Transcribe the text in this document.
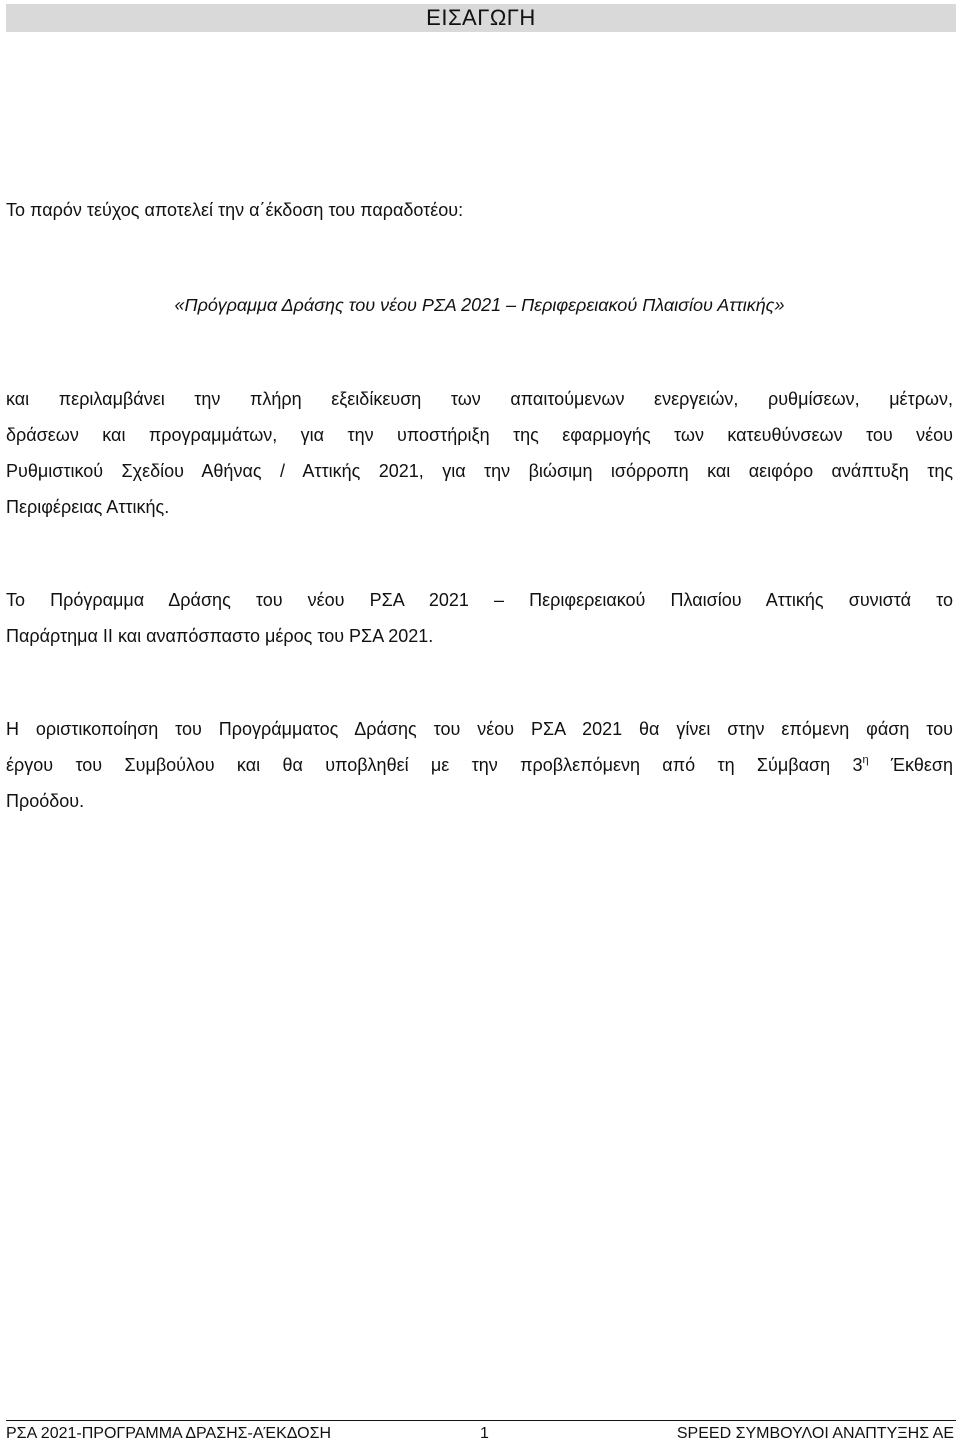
ΕΙΣΑΓΩΓΗ
Το παρόν τεύχος αποτελεί την α΄έκδοση του παραδοτέου:
«Πρόγραμμα Δράσης του νέου ΡΣΑ 2021 – Περιφερειακού Πλαισίου Αττικής»
και περιλαμβάνει την πλήρη εξειδίκευση των απαιτούμενων ενεργειών, ρυθμίσεων, μέτρων,
δράσεων και προγραμμάτων, για την υποστήριξη της εφαρμογής των κατευθύνσεων του νέου
Ρυθμιστικού Σχεδίου Αθήνας / Αττικής 2021, για την βιώσιμη ισόρροπη και αειφόρο ανάπτυξη της
Περιφέρειας Αττικής.
Το Πρόγραμμα Δράσης του νέου ΡΣΑ 2021 – Περιφερειακού Πλαισίου Αττικής συνιστά το
Παράρτημα ΙΙ και αναπόσπαστο μέρος του ΡΣΑ 2021.
Η οριστικοποίηση του Προγράμματος Δράσης του νέου ΡΣΑ 2021 θα γίνει στην επόμενη φάση του
έργου του Συμβούλου και θα υποβληθεί με την προβλεπόμενη από τη Σύμβαση $3^\eta$ Έκθεση
Προόδου.
ΡΣΑ 2021-ΠΡΟΓΡΑΜΜΑ ΔΡΑΣΗΣ-ΑΈΚΔΟΣΗ	1	SPEED ΣΥΜΒΟΥΛΟΙ ΑΝΑΠΤΥΞΗΣ ΑΕ
